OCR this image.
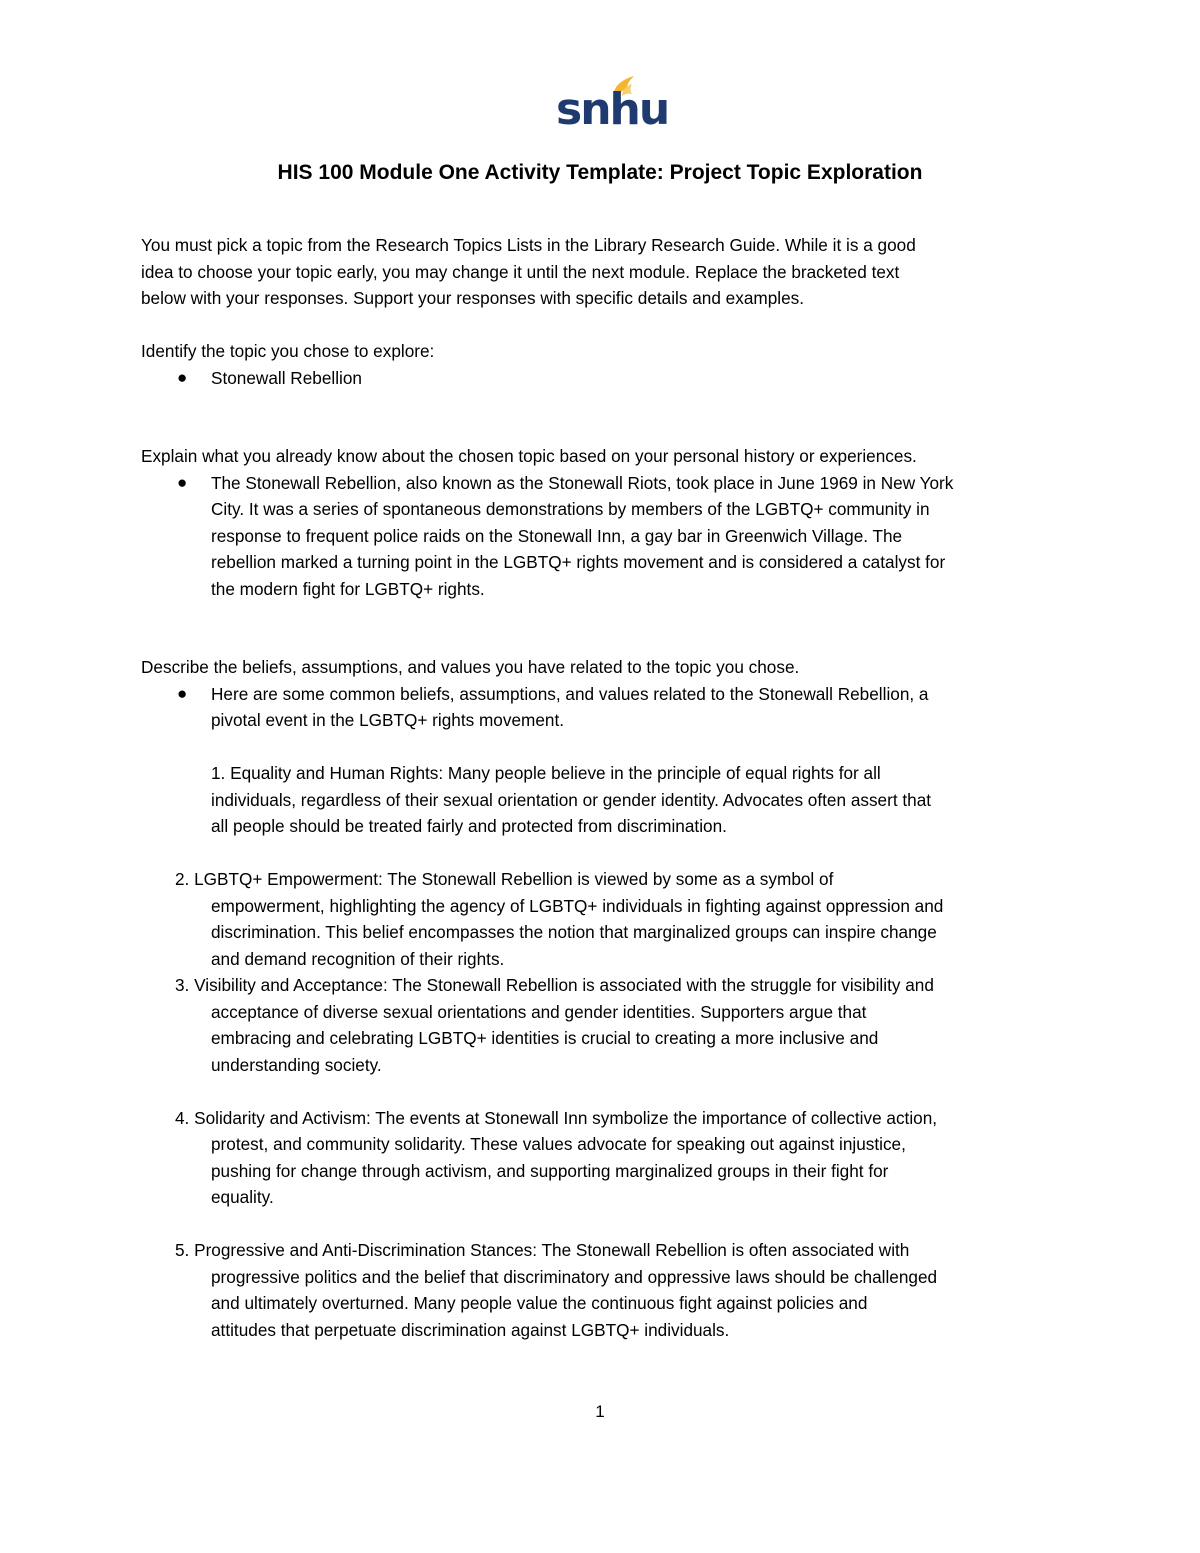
snhu
HIS 100 Module One Activity Template: Project Topic Exploration

You must pick a topic from the Research Topics Lists in the Library Research Guide. While it is a good

idea to choose your topic early, you may change it until the next module. Replace the bracketed text

below with your responses. Support your responses with specific details and examples.

Identify the topic you chose to explore:

● Stonewall Rebellion

Explain what you already know about the chosen topic based on your personal history or experiences.

● The Stonewall Rebellion, also known as the Stonewall Riots, took place in June 1969 in New York

City. It was a series of spontaneous demonstrations by members of the LGBTQ+ community in

response to frequent police raids on the Stonewall Inn, a gay bar in Greenwich Village. The

rebellion marked a turning point in the LGBTQ+ rights movement and is considered a catalyst for

the modern fight for LGBTQ+ rights.

Describe the beliefs, assumptions, and values you have related to the topic you chose.

● Here are some common beliefs, assumptions, and values related to the Stonewall Rebellion, a

pivotal event in the LGBTQ+ rights movement.

1. Equality and Human Rights: Many people believe in the principle of equal rights for all

individuals, regardless of their sexual orientation or gender identity. Advocates often assert that

all people should be treated fairly and protected from discrimination.

2. LGBTQ+ Empowerment: The Stonewall Rebellion is viewed by some as a symbol of

empowerment, highlighting the agency of LGBTQ+ individuals in fighting against oppression and

discrimination. This belief encompasses the notion that marginalized groups can inspire change

and demand recognition of their rights.

3. Visibility and Acceptance: The Stonewall Rebellion is associated with the struggle for visibility and

acceptance of diverse sexual orientations and gender identities. Supporters argue that

embracing and celebrating LGBTQ+ identities is crucial to creating a more inclusive and

understanding society.

4. Solidarity and Activism: The events at Stonewall Inn symbolize the importance of collective action,

protest, and community solidarity. These values advocate for speaking out against injustice,

pushing for change through activism, and supporting marginalized groups in their fight for

equality.

5. Progressive and Anti-Discrimination Stances: The Stonewall Rebellion is often associated with

progressive politics and the belief that discriminatory and oppressive laws should be challenged

and ultimately overturned. Many people value the continuous fight against policies and

attitudes that perpetuate discrimination against LGBTQ+ individuals.

1
